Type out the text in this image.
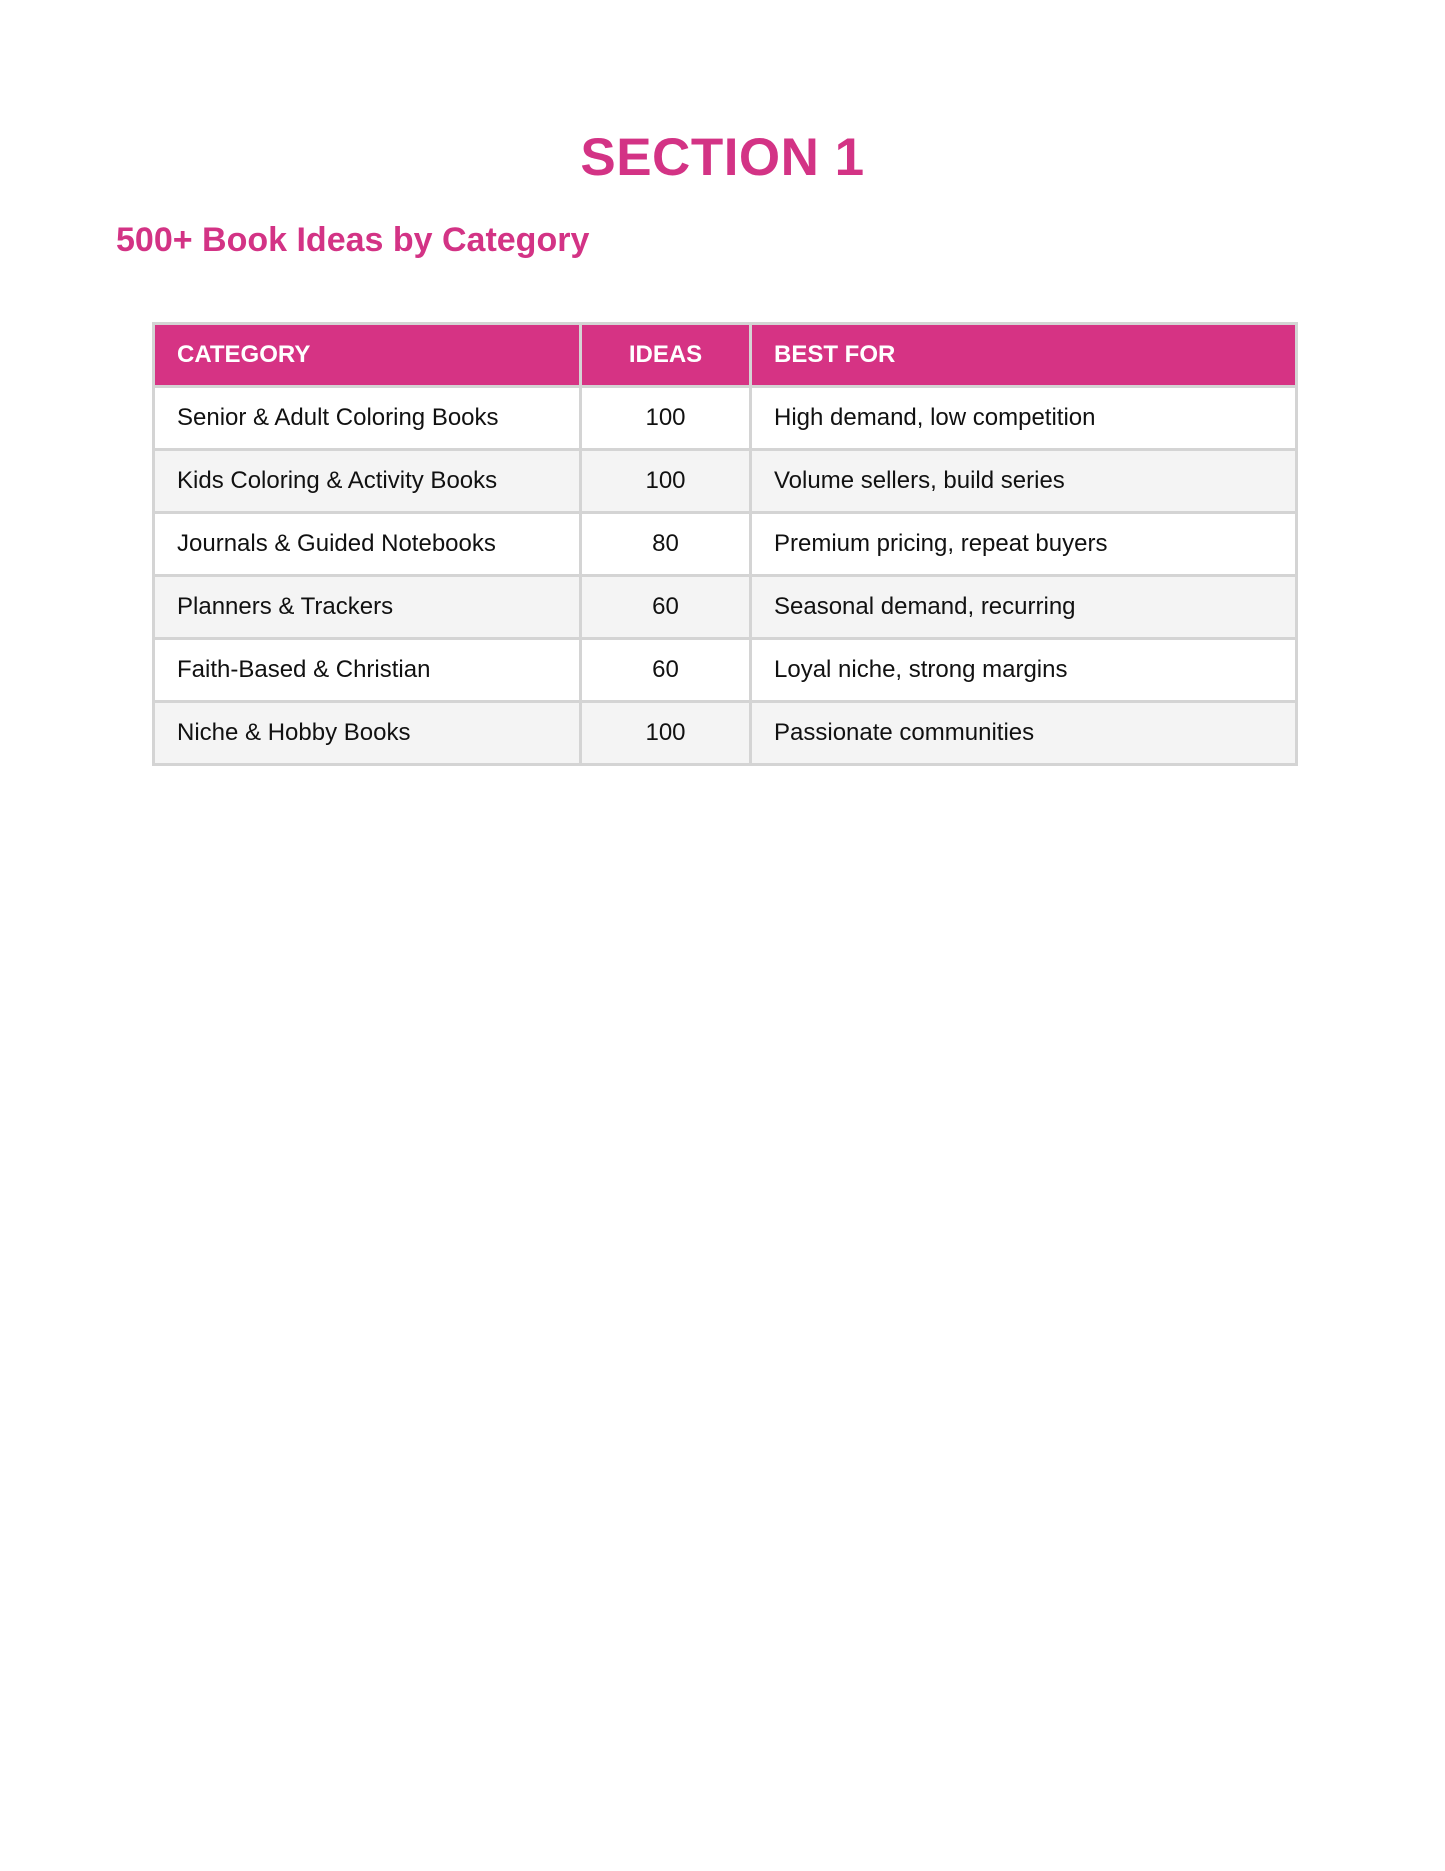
SECTION 1
500+ Book Ideas by Category
CATEGORY	IDEAS	BEST FOR
Senior & Adult Coloring Books	100	High demand, low competition
Kids Coloring & Activity Books	100	Volume sellers, build series
Journals & Guided Notebooks	80	Premium pricing, repeat buyers
Planners & Trackers	60	Seasonal demand, recurring
Faith-Based & Christian	60	Loyal niche, strong margins
Niche & Hobby Books	100	Passionate communities
